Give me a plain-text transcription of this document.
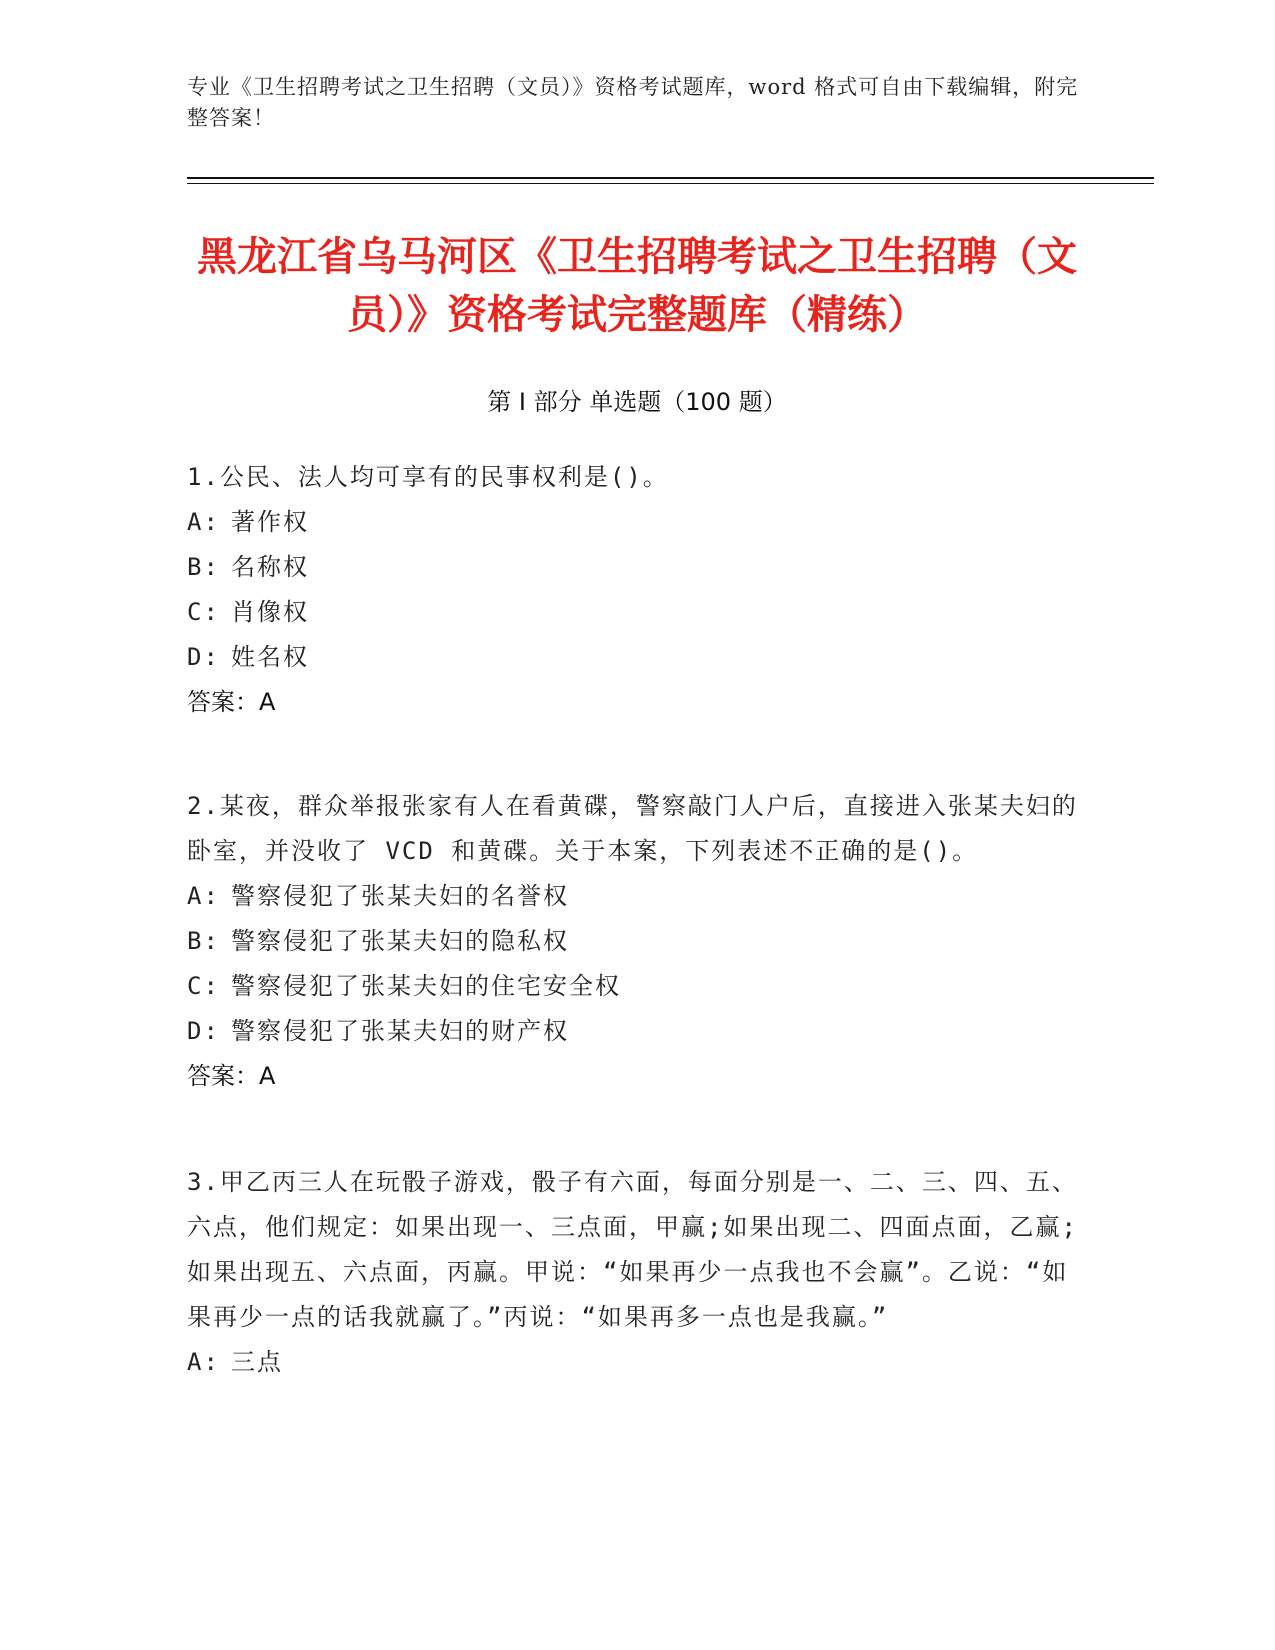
专业《卫生招聘考试之卫生招聘（文员）》资格考试题库，word 格式可自由下载编辑，附完整答案！
黑龙江省乌马河区《卫生招聘考试之卫生招聘（文员）》资格考试完整题库（精练）
第 I 部分 单选题（100 题）
1.公民、法人均可享有的民事权利是()。
A: 著作权
B: 名称权
C: 肖像权
D: 姓名权
答案：A
2.某夜，群众举报张家有人在看黄碟，警察敲门人户后，直接进入张某夫妇的卧室，并没收了 VCD 和黄碟。关于本案，下列表述不正确的是()。
A: 警察侵犯了张某夫妇的名誉权
B: 警察侵犯了张某夫妇的隐私权
C: 警察侵犯了张某夫妇的住宅安全权
D: 警察侵犯了张某夫妇的财产权
答案：A
3.甲乙丙三人在玩骰子游戏，骰子有六面，每面分别是一、二、三、四、五、六点，他们规定：如果出现一、三点面，甲赢;如果出现二、四面点面，乙赢;如果出现五、六点面，丙赢。甲说：“如果再少一点我也不会赢”。乙说：“如果再少一点的话我就赢了。”丙说：“如果再多一点也是我赢。”
A: 三点
